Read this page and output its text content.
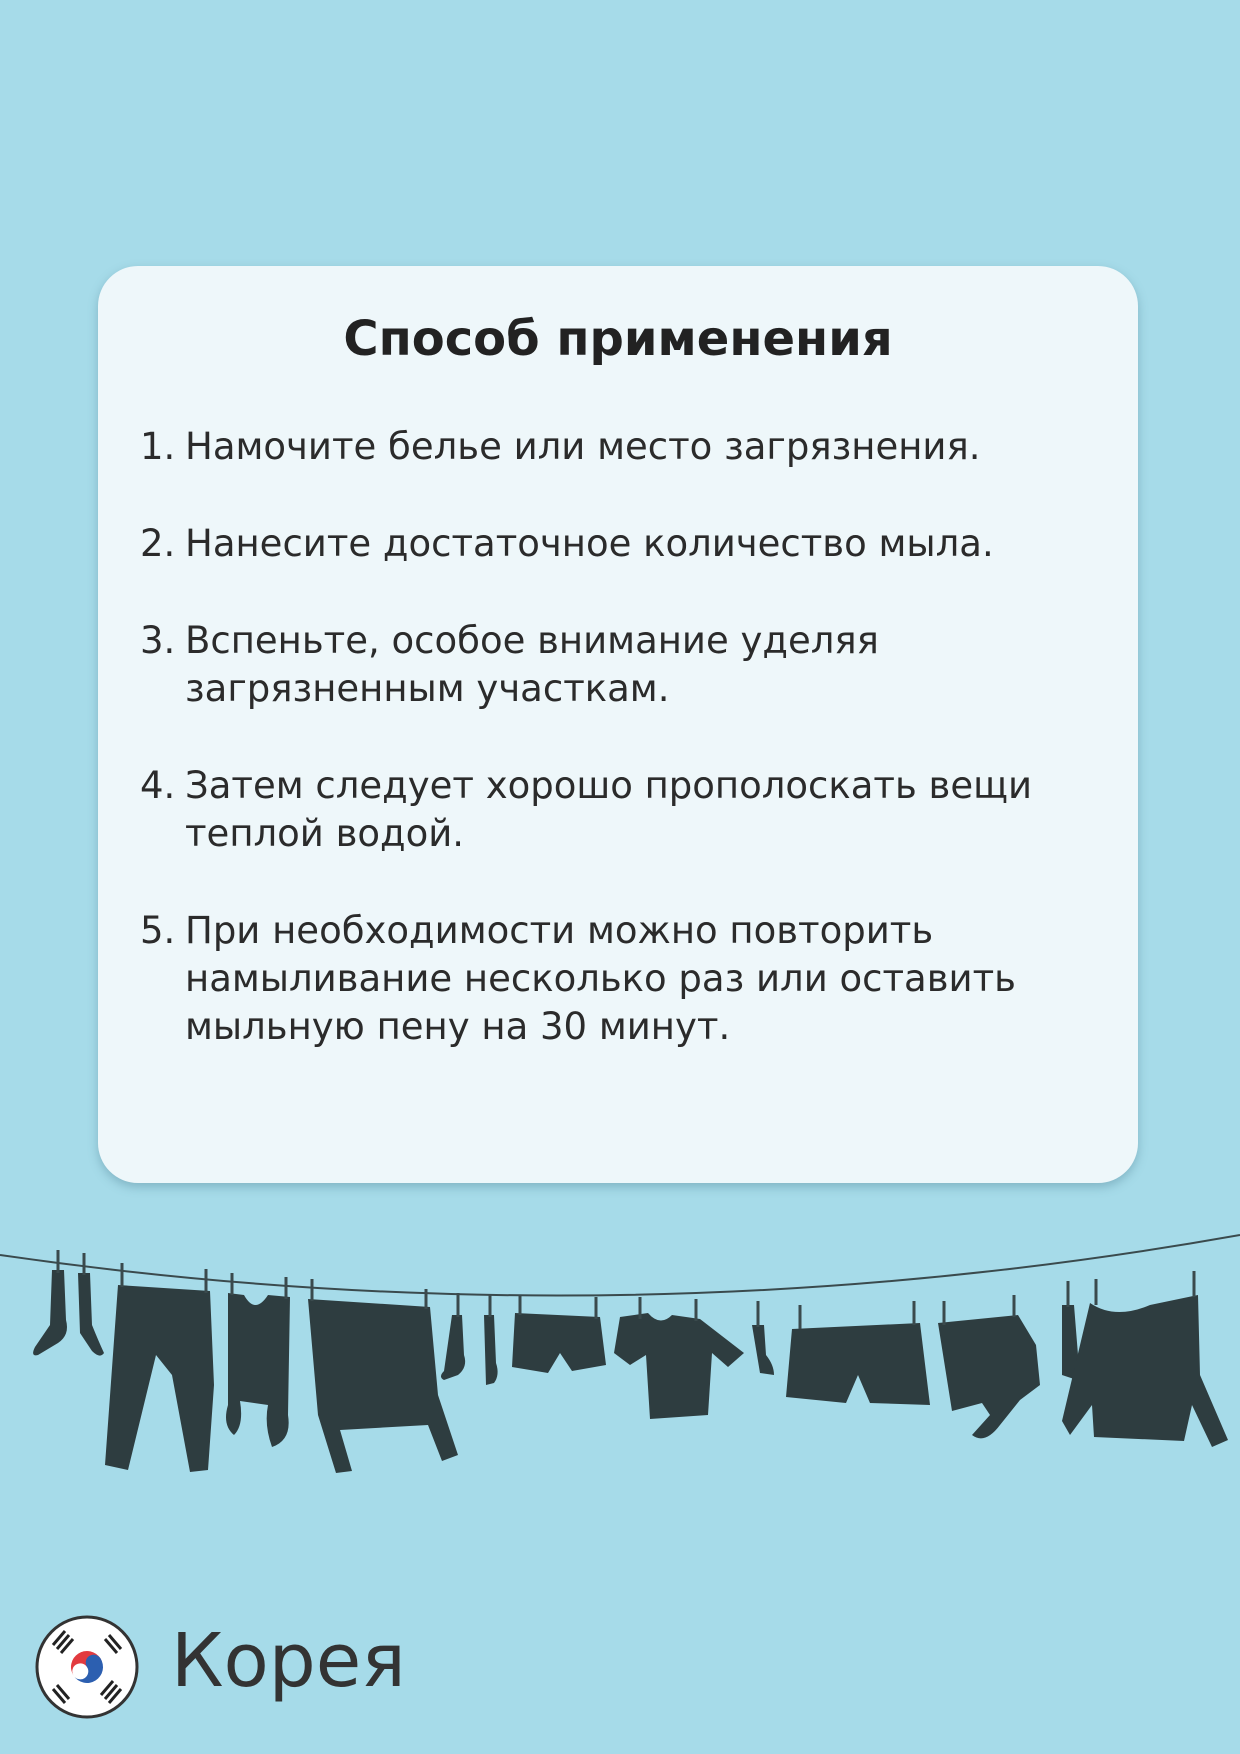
Способ применения
1. Намочите белье или место загрязнения.
2. Нанесите достаточное количество мыла.
3. Вспеньте, особое внимание уделяя загрязненным участкам.
4. Затем следует хорошо прополоскать вещи теплой водой.
5. При необходимости можно повторить намыливание несколько раз или оставить мыльную пену на 30 минут.
Корея
